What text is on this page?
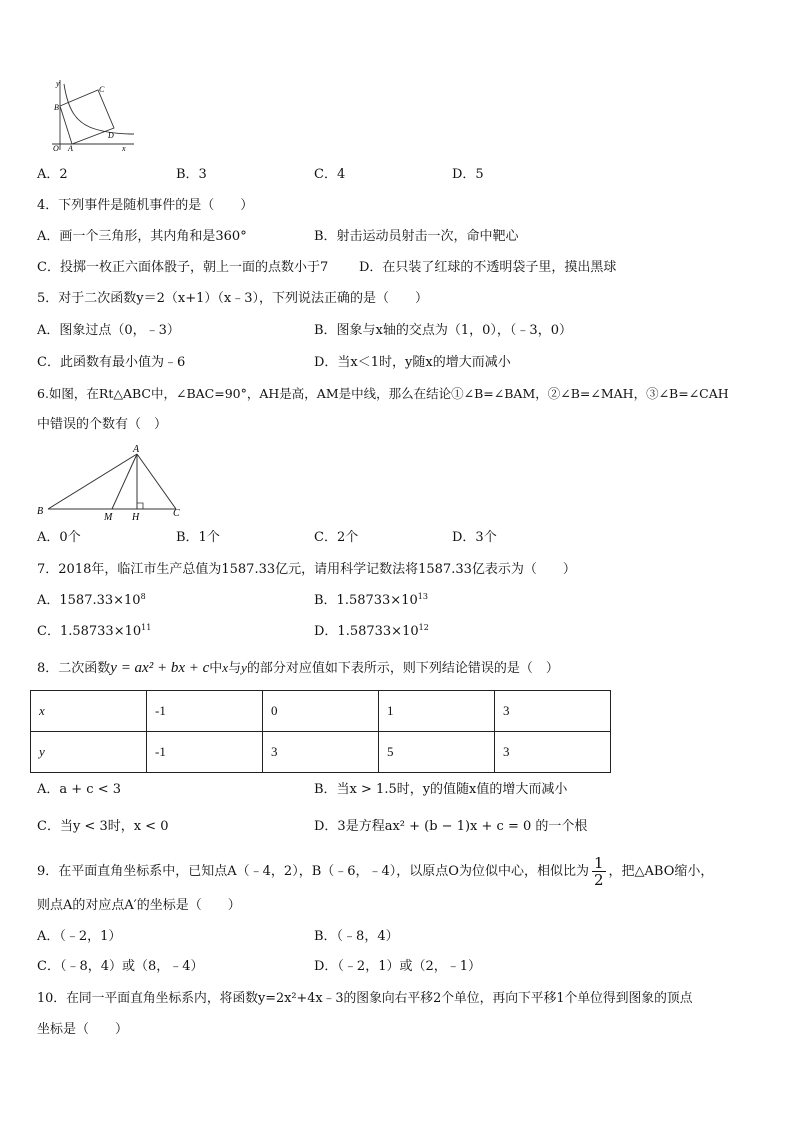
y
B
C
D
O A	x
A．2	B．3	C．4	D．5
4．下列事件是随机事件的是（　　）
A．画一个三角形，其内角和是360°	B．射击运动员射击一次，命中靶心
C．投掷一枚正六面体骰子，朝上一面的点数小于7 D．在只装了红球的不透明袋子里，摸出黑球
5．对于二次函数y＝2（x+1）（x﹣3），下列说法正确的是（　　）
A．图象过点（0，﹣3）	B．图象与x轴的交点为（1，0），（﹣3，0）
C．此函数有最小值为﹣6	D．当x＜1时，y随x的增大而减小
6.如图，在Rt△ABC中，∠BAC=90°，AH是高，AM是中线，那么在结论①∠B=∠BAM，②∠B=∠MAH，③∠B=∠CAH
中错误的个数有（　）
A
B
M H	C
A．0个	B．1个	C．2个	D．3个
7．2018年，临江市生产总值为1587.33亿元，请用科学记数法将1587.33亿表示为（　　）
A．$1587.33\times 10^8$	B．$1.58733\times 10^{13}$
C．$1.58733\times 10^{11}$	D．$1.58733\times 10^{12}$
8．二次函数y = ax² + bx + c中x与y的部分对应值如下表所示，则下列结论错误的是（　）
x	-1	0	1	3
y	-1	3	5	3
A．a + c < 3	B．当x > 1.5时，y的值随x值的增大而减小
C．当y < 3时，x < 0	D．3是方程ax² + (b − 1)x + c = 0 的一个根
9．在平面直角坐标系中，已知点A（﹣4，2），B（﹣6，﹣4），以原点O为位似中心，相似比为 $\frac{1}{2}$ ，把△ABO缩小，
则点A的对应点A′的坐标是（　　）
A．（﹣2，1）	B．（﹣8，4）
C．（﹣8，4）或（8，﹣4）	D．（﹣2，1）或（2，﹣1）
10．在同一平面直角坐标系内，将函数y=2x²+4x﹣3的图象向右平移2个单位，再向下平移1个单位得到图象的顶点
坐标是（　　）
